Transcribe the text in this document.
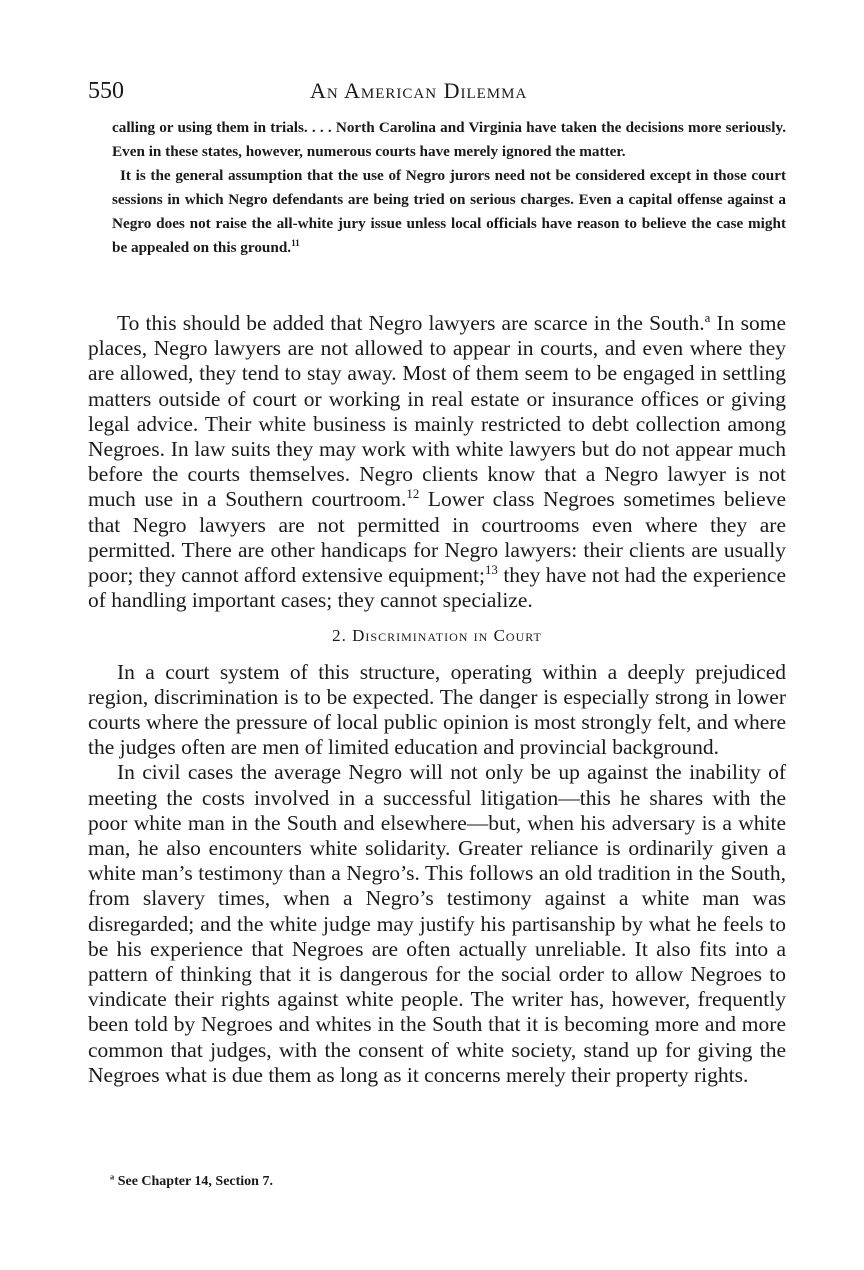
550	An American Dilemma

calling or using them in trials. . . . North Carolina and Virginia have taken the decisions more seriously. Even in these states, however, numerous courts have merely ignored the matter.

It is the general assumption that the use of Negro jurors need not be considered except in those court sessions in which Negro defendants are being tried on serious charges. Even a capital offense against a Negro does not raise the all-white jury issue unless local officials have reason to believe the case might be appealed on this ground.$^{11}$

To this should be added that Negro lawyers are scarce in the South.$^a$ In some places, Negro lawyers are not allowed to appear in courts, and even where they are allowed, they tend to stay away. Most of them seem to be engaged in settling matters outside of court or working in real estate or insurance offices or giving legal advice. Their white business is mainly restricted to debt collection among Negroes. In law suits they may work with white lawyers but do not appear much before the courts themselves. Negro clients know that a Negro lawyer is not much use in a Southern courtroom.$^{12}$ Lower class Negroes sometimes believe that Negro lawyers are not permitted in courtrooms even where they are permitted. There are other handicaps for Negro lawyers: their clients are usually poor; they cannot afford extensive equipment;$^{13}$ they have not had the experience of handling important cases; they cannot specialize.

2. Discrimination in Court

In a court system of this structure, operating within a deeply prejudiced region, discrimination is to be expected. The danger is especially strong in lower courts where the pressure of local public opinion is most strongly felt, and where the judges often are men of limited education and provincial background.

In civil cases the average Negro will not only be up against the inability of meeting the costs involved in a successful litigation—this he shares with the poor white man in the South and elsewhere—but, when his adversary is a white man, he also encounters white solidarity. Greater reliance is ordinarily given a white man’s testimony than a Negro’s. This follows an old tradition in the South, from slavery times, when a Negro’s testimony against a white man was disregarded; and the white judge may justify his partisanship by what he feels to be his experience that Negroes are often actually unreliable. It also fits into a pattern of thinking that it is dangerous for the social order to allow Negroes to vindicate their rights against white people. The writer has, however, frequently been told by Negroes and whites in the South that it is becoming more and more common that judges, with the consent of white society, stand up for giving the Negroes what is due them as long as it concerns merely their property rights.

$^a$ See Chapter 14, Section 7.
